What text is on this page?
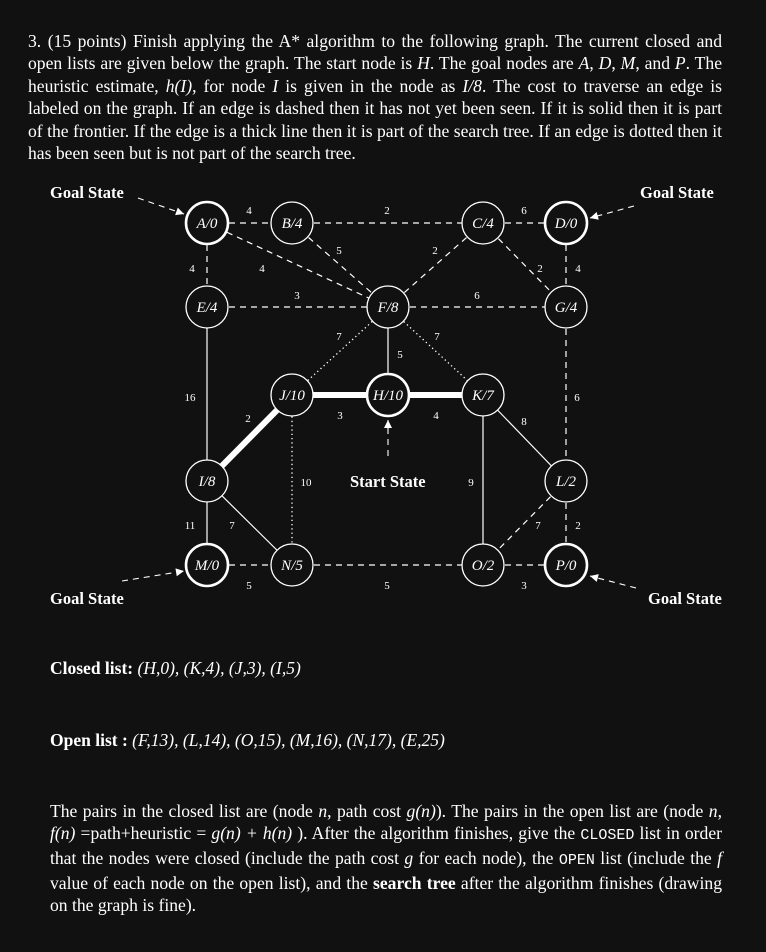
3. (15 points) Finish applying the A* algorithm to the following graph. The current closed and open lists are given below the graph. The start node is H. The goal nodes are A, D, M, and P. The heuristic estimate, h(I), for node I is given in the node as I/8. The cost to traverse an edge is labeled on the graph. If an edge is dashed then it has not yet been seen. If it is solid then it is part of the frontier. If the edge is a thick line then it is part of the search tree. If an edge is dotted then it has been seen but is not part of the search tree.
4
4	4
2
5
6
2
2	4
3	6
16
7
5
7
3	4
2
10
6
8
9
11	7	7	2
5	5	3
A/0	B/4	C/4	D/0
E/4	F/8	G/4
J/10	H/10	K/7
I/8	L/2
M/0	N/5	O/2	P/0
Goal State	Goal State
Goal State	Goal State
Start State
Closed list: (H,0), (K,4), (J,3), (I,5)
Open list : (F,13), (L,14), (O,15), (M,16), (N,17), (E,25)
The pairs in the closed list are (node n, path cost g(n)). The pairs in the open list are (node n, f(n) =path+heuristic = g(n) + h(n) ). After the algorithm finishes, give the CLOSED list in order that the nodes were closed (include the path cost g for each node), the OPEN list (include the f value of each node on the open list), and the search tree after the algorithm finishes (drawing on the graph is fine).
